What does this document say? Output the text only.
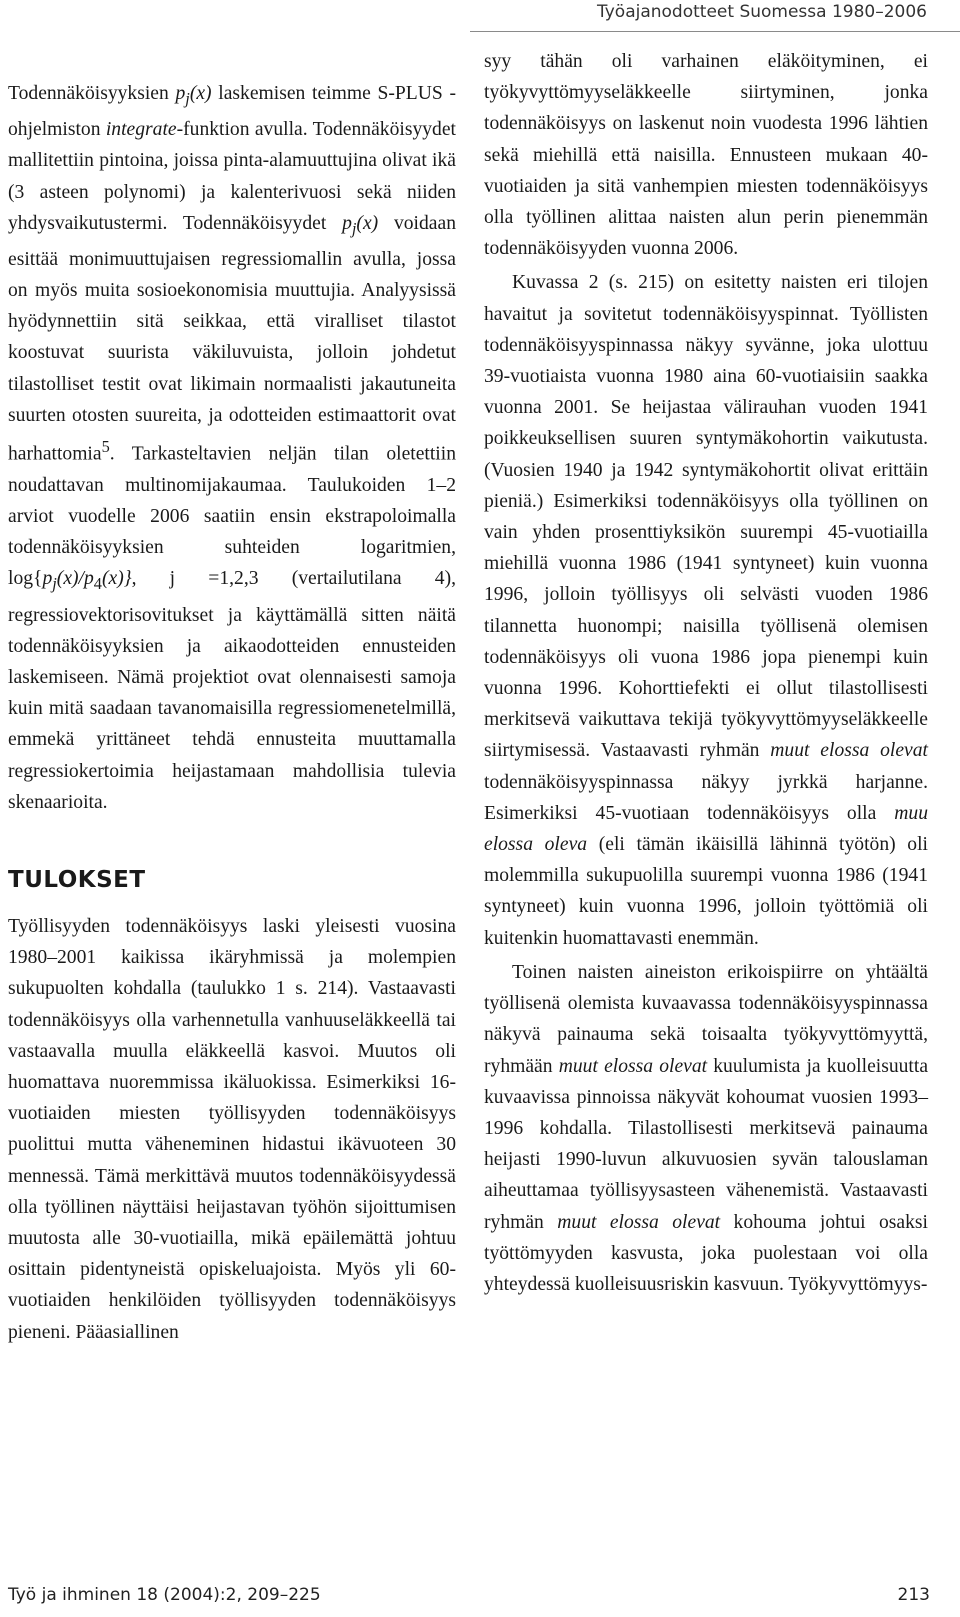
Työajanodotteet Suomessa 1980–2006

Todennäköisyyksien $p_j(x)$ laskemisen teimme S-PLUS -ohjelmiston integrate-funktion avulla. Todennäköisyydet mallitettiin pintoina, joissa pinta-alamuuttujina olivat ikä (3 asteen polynomi) ja kalenterivuosi sekä niiden yhdysvaikutustermi. Todennäköisyydet $p_j(x)$ voidaan esittää monimuuttujaisen regressiomallin avulla, jossa on myös muita sosioekonomisia muuttujia. Analyysissä hyödynnettiin sitä seikkaa, että viralliset tilastot koostuvat suurista väkiluvuista, jolloin johdetut tilastolliset testit ovat likimain normaalisti jakautuneita suurten otosten suureita, ja odotteiden estimaattorit ovat harhattomia$^5$. Tarkasteltavien neljän tilan oletettiin noudattavan multinomijakaumaa. Taulukoiden 1–2 arviot vuodelle 2006 saatiin ensin ekstrapoloimalla todennäköisyyksien suhteiden logaritmien, $\log\{p_j(x)/p_4(x)\}$, j =1,2,3 (vertailutilana 4), regressiovektorisovitukset ja käyttämällä sitten näitä todennäköisyyksien ja aikaodotteiden ennusteiden laskemiseen. Nämä projektiot ovat olennaisesti samoja kuin mitä saadaan tavanomaisilla regressiomenetelmillä, emmekä yrittäneet tehdä ennusteita muuttamalla regressiokertoimia heijastamaan mahdollisia tulevia skenaarioita.

TULOKSET

Työllisyyden todennäköisyys laski yleisesti vuosina 1980–2001 kaikissa ikäryhmissä ja molempien sukupuolten kohdalla (taulukko 1 s. 214). Vastaavasti todennäköisyys olla varhennetulla vanhuuseläkkeellä tai vastaavalla muulla eläkkeellä kasvoi. Muutos oli huomattava nuoremmissa ikäluokissa. Esimerkiksi 16-vuotiaiden miesten työllisyyden todennäköisyys puolittui mutta väheneminen hidastui ikävuoteen 30 mennessä. Tämä merkittävä muutos todennäköisyydessä olla työllinen näyttäisi heijastavan työhön sijoittumisen muutosta alle 30-vuotiailla, mikä epäilemättä johtuu osittain pidentyneistä opiskeluajoista. Myös yli 60-vuotiaiden henkilöiden työllisyyden todennäköisyys pieneni. Pääasiallinen

syy tähän oli varhainen eläköityminen, ei työkyvyttömyyseläkkeelle siirtyminen, jonka todennäköisyys on laskenut noin vuodesta 1996 lähtien sekä miehillä että naisilla. Ennusteen mukaan 40-vuotiaiden ja sitä vanhempien miesten todennäköisyys olla työllinen alittaa naisten alun perin pienemmän todennäköisyyden vuonna 2006.

Kuvassa 2 (s. 215) on esitetty naisten eri tilojen havaitut ja sovitetut todennäköisyyspinnat. Työllisten todennäköisyyspinnassa näkyy syvänne, joka ulottuu 39-vuotiaista vuonna 1980 aina 60-vuotiaisiin saakka vuonna 2001. Se heijastaa välirauhan vuoden 1941 poikkeuksellisen suuren syntymäkohortin vaikutusta. (Vuosien 1940 ja 1942 syntymäkohortit olivat erittäin pieniä.) Esimerkiksi todennäköisyys olla työllinen on vain yhden prosenttiyksikön suurempi 45-vuotiailla miehillä vuonna 1986 (1941 syntyneet) kuin vuonna 1996, jolloin työllisyys oli selvästi vuoden 1986 tilannetta huonompi; naisilla työllisenä olemisen todennäköisyys oli vuona 1986 jopa pienempi kuin vuonna 1996. Kohorttiefekti ei ollut tilastollisesti merkitsevä vaikuttava tekijä työkyvyttömyyseläkkeelle siirtymisessä. Vastaavasti ryhmän muut elossa olevat todennäköisyyspinnassa näkyy jyrkkä harjanne. Esimerkiksi 45-vuotiaan todennäköisyys olla muu elossa oleva (eli tämän ikäisillä lähinnä työtön) oli molemmilla sukupuolilla suurempi vuonna 1986 (1941 syntyneet) kuin vuonna 1996, jolloin työttömiä oli kuitenkin huomattavasti enemmän.

Toinen naisten aineiston erikoispiirre on yhtäältä työllisenä olemista kuvaavassa todennäköisyyspinnassa näkyvä painauma sekä toisaalta työkyvyttömyyttä, ryhmään muut elossa olevat kuulumista ja kuolleisuutta kuvaavissa pinnoissa näkyvät kohoumat vuosien 1993–1996 kohdalla. Tilastollisesti merkitsevä painauma heijasti 1990-luvun alkuvuosien syvän talouslaman aiheuttamaa työllisyysasteen vähenemistä. Vastaavasti ryhmän muut elossa olevat kohouma johtui osaksi työttömyyden kasvusta, joka puolestaan voi olla yhteydessä kuolleisuusriskin kasvuun. Työkyvyttömyys-

Työ ja ihminen 18 (2004):2, 209–225	213
